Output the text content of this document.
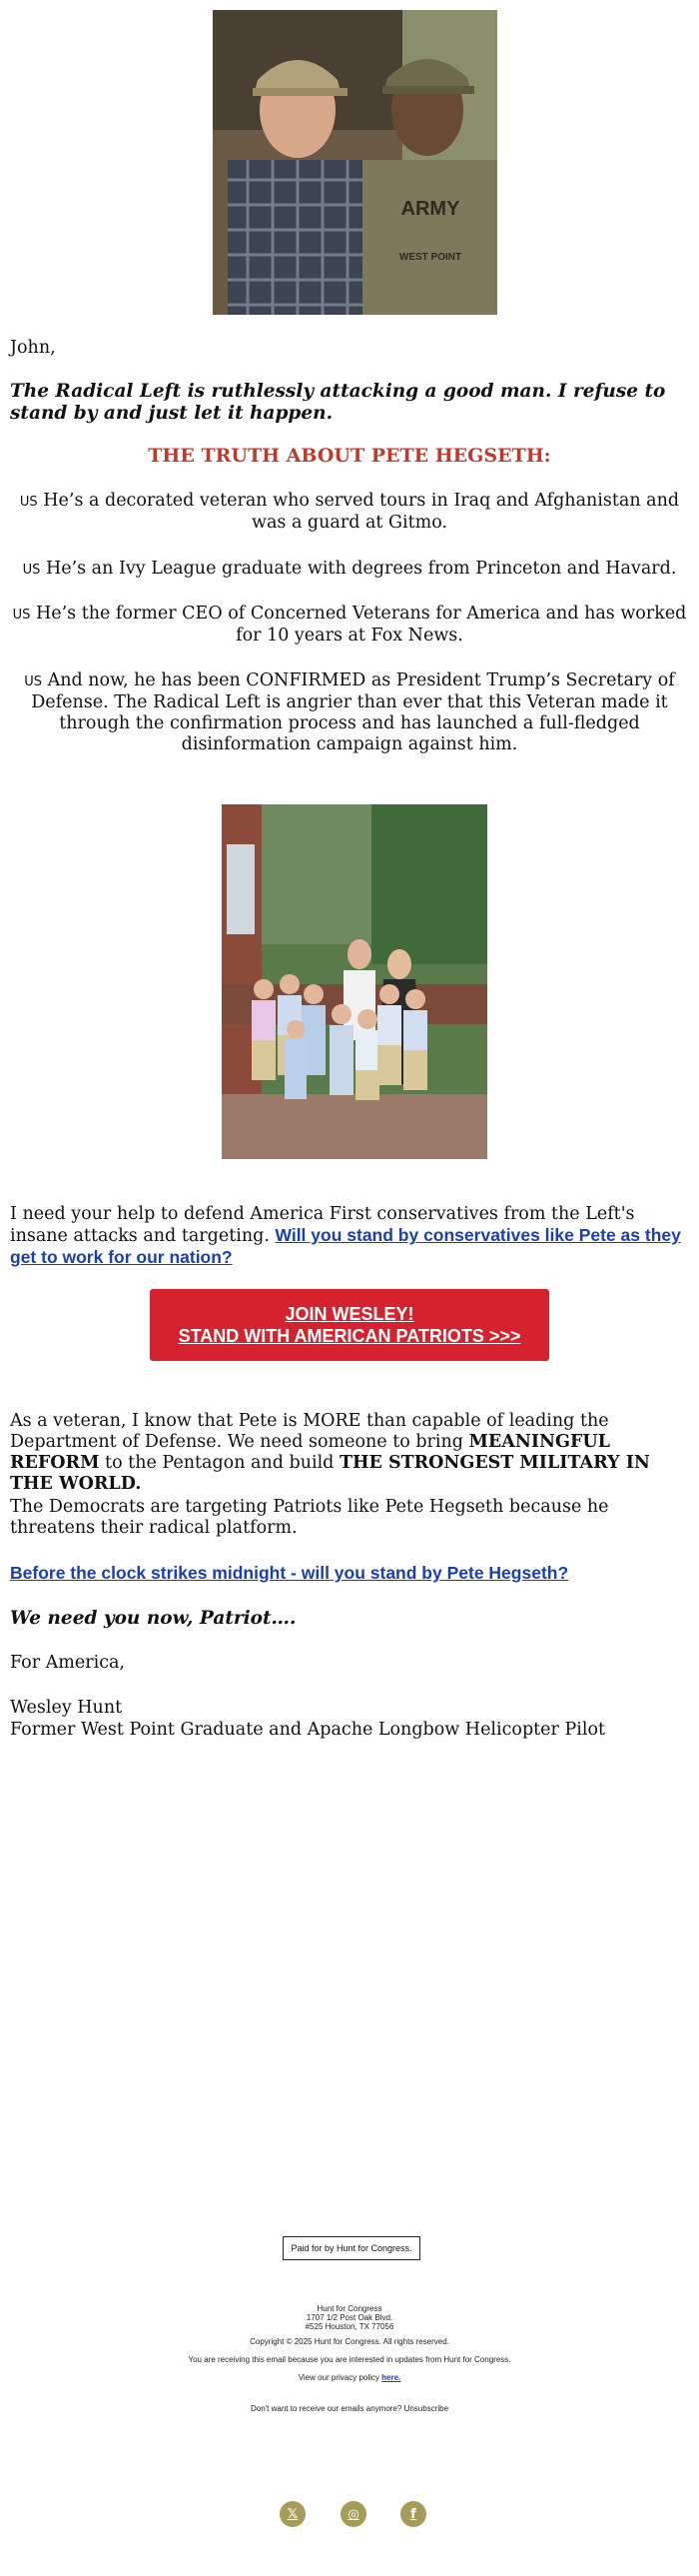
ARMY
WEST POINT

John,

The Radical Left is ruthlessly attacking a good man. I refuse to stand by and just let it happen.

THE TRUTH ABOUT PETE HEGSETH:

US He’s a decorated veteran who served tours in Iraq and Afghanistan and was a guard at Gitmo.

US He’s an Ivy League graduate with degrees from Princeton and Havard.

US He’s the former CEO of Concerned Veterans for America and has worked for 10 years at Fox News.

US And now, he has been CONFIRMED as President Trump’s Secretary of Defense. The Radical Left is angrier than ever that this Veteran made it through the confirmation process and has launched a full-fledged disinformation campaign against him.

I need your help to defend America First conservatives from the Left's insane attacks and targeting. Will you stand by conservatives like Pete as they get to work for our nation?

JOIN WESLEY!
STAND WITH AMERICAN PATRIOTS >>>

As a veteran, I know that Pete is MORE than capable of leading the Department of Defense. We need someone to bring MEANINGFUL REFORM to the Pentagon and build THE STRONGEST MILITARY IN THE WORLD.

The Democrats are targeting Patriots like Pete Hegseth because he threatens their radical platform.

Before the clock strikes midnight - will you stand by Pete Hegseth?

We need you now, Patriot….

For America,

Wesley Hunt

Former West Point Graduate and Apache Longbow Helicopter Pilot

Paid for by Hunt for Congress.
Hunt for Congress
1707 1/2 Post Oak Blvd.
#525 Houston, TX 77056
Copyright © 2025 Hunt for Congress. All rights reserved.
You are receiving this email because you are interested in updates from Hunt for Congress.
View our privacy policy here.
Don't want to receive our emails anymore? Unsubscribe
𝕏	◎	f
